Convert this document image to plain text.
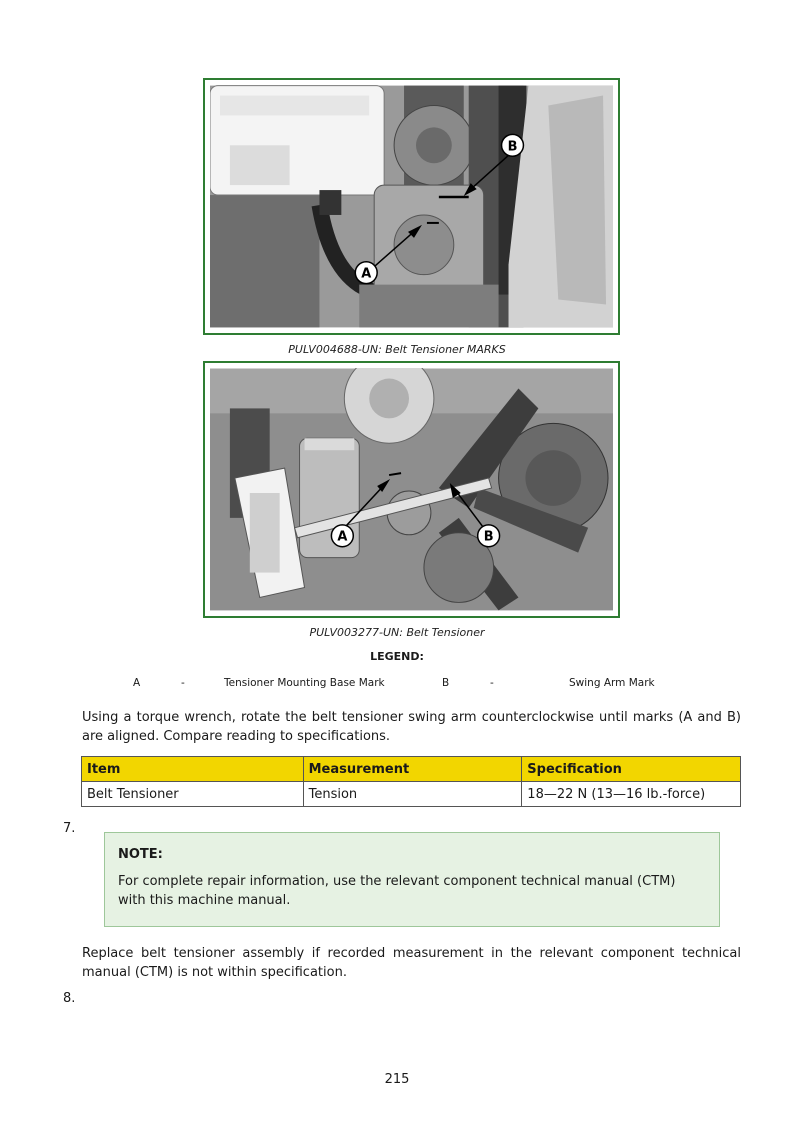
A
B
PULV004688-UN: Belt Tensioner MARKS
A	B
PULV003277-UN: Belt Tensioner
LEGEND:
A	-	Tensioner Mounting Base Mark	B	-	Swing Arm Mark
Using a torque wrench, rotate the belt tensioner swing arm counterclockwise until marks (A and B) are aligned. Compare reading to specifications.
Item	Measurement	Specification
Belt Tensioner	Tension	18—22 N (13—16 lb.-force)
7.
NOTE:
For complete repair information, use the relevant component technical manual (CTM) with this machine manual.
Replace belt tensioner assembly if recorded measurement in the relevant component technical manual (CTM) is not within specification.
8.
215
